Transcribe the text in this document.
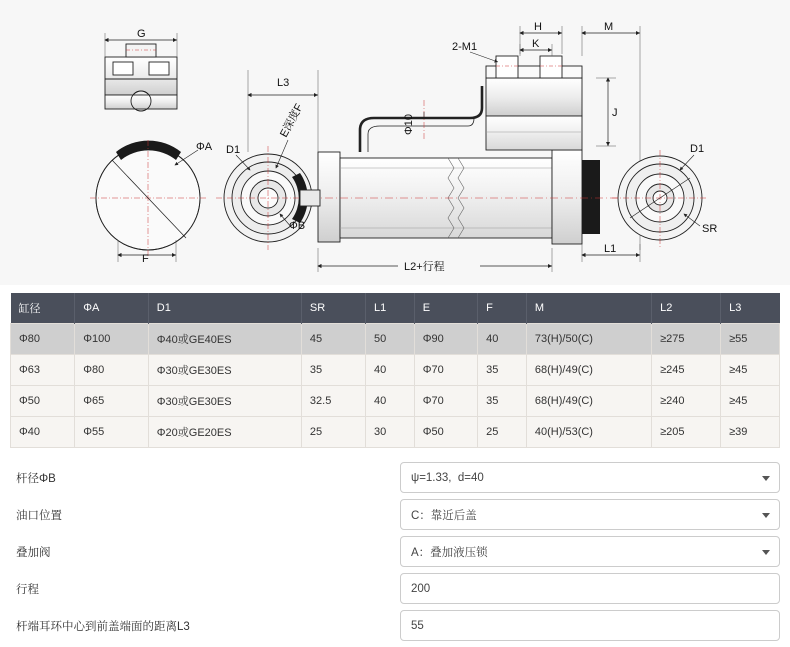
G
L3
ΦA D1
ΦB
F
2-M1
H
K
M
J
D1
SR
L1
L2+行程
Φ10
E深度F
缸径	ΦA	D1	SR	L1	E	F	M	L2	L3
Φ80	Φ100	Φ40或GE40ES	45	50	Φ90	40	73(H)/50(C)	≥275	≥55
Φ63	Φ80	Φ30或GE30ES	35	40	Φ70	35	68(H)/49(C)	≥245	≥45
Φ50	Φ65	Φ30或GE30ES	32.5	40	Φ70	35	68(H)/49(C)	≥240	≥45
Φ40	Φ55	Φ20或GE20ES	25	30	Φ50	25	40(H)/53(C)	≥205	≥39
杆径ΦB
ψ=1.33, d=40
油口位置
C：靠近后盖
叠加阀
A：叠加液压锁
行程
200
杆端耳环中心到前盖端面的距离L3
55
